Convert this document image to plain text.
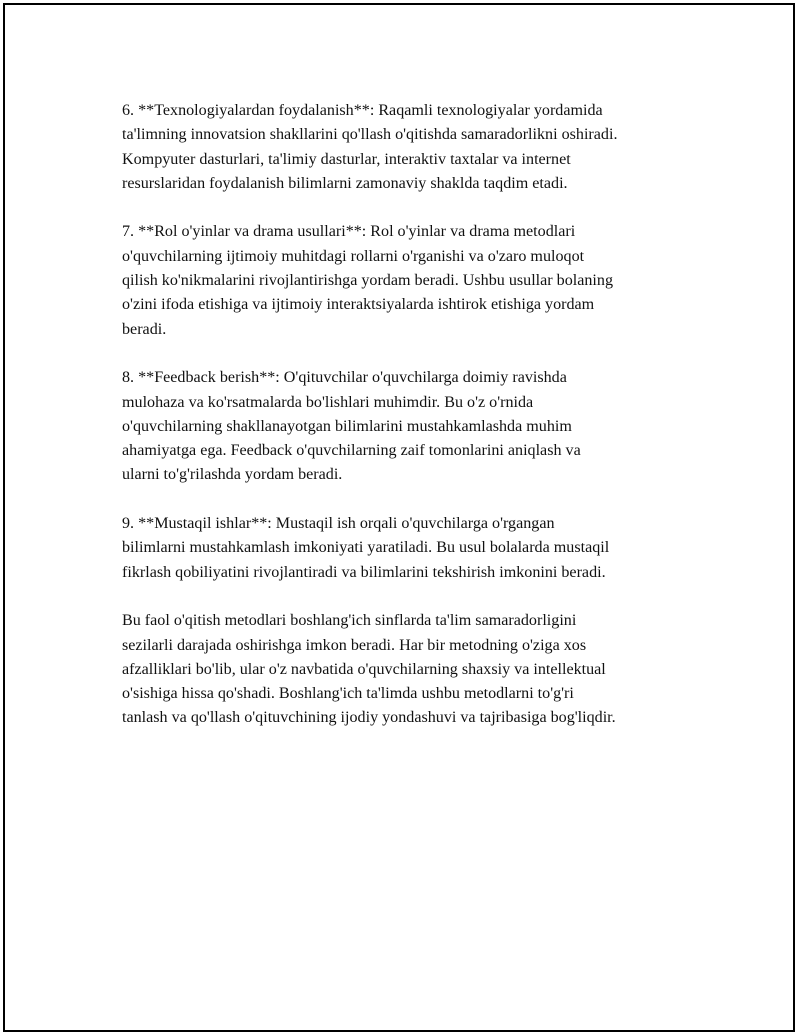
6. **Texnologiyalardan foydalanish**: Raqamli texnologiyalar yordamida
ta'limning innovatsion shakllarini qo'llash o'qitishda samaradorlikni oshiradi.
Kompyuter dasturlari, ta'limiy dasturlar, interaktiv taxtalar va internet
resurslaridan foydalanish bilimlarni zamonaviy shaklda taqdim etadi.

7. **Rol o'yinlar va drama usullari**: Rol o'yinlar va drama metodlari
o'quvchilarning ijtimoiy muhitdagi rollarni o'rganishi va o'zaro muloqot
qilish ko'nikmalarini rivojlantirishga yordam beradi. Ushbu usullar bolaning
o'zini ifoda etishiga va ijtimoiy interaktsiyalarda ishtirok etishiga yordam
beradi.

8. **Feedback berish**: O'qituvchilar o'quvchilarga doimiy ravishda
mulohaza va ko'rsatmalarda bo'lishlari muhimdir. Bu o'z o'rnida
o'quvchilarning shakllanayotgan bilimlarini mustahkamlashda muhim
ahamiyatga ega. Feedback o'quvchilarning zaif tomonlarini aniqlash va
ularni to'g'rilashda yordam beradi.

9. **Mustaqil ishlar**: Mustaqil ish orqali o'quvchilarga o'rgangan
bilimlarni mustahkamlash imkoniyati yaratiladi. Bu usul bolalarda mustaqil
fikrlash qobiliyatini rivojlantiradi va bilimlarini tekshirish imkonini beradi.

Bu faol o'qitish metodlari boshlang'ich sinflarda ta'lim samaradorligini
sezilarli darajada oshirishga imkon beradi. Har bir metodning o'ziga xos
afzalliklari bo'lib, ular o'z navbatida o'quvchilarning shaxsiy va intellektual
o'sishiga hissa qo'shadi. Boshlang'ich ta'limda ushbu metodlarni to'g'ri
tanlash va qo'llash o'qituvchining ijodiy yondashuvi va tajribasiga bog'liqdir.
